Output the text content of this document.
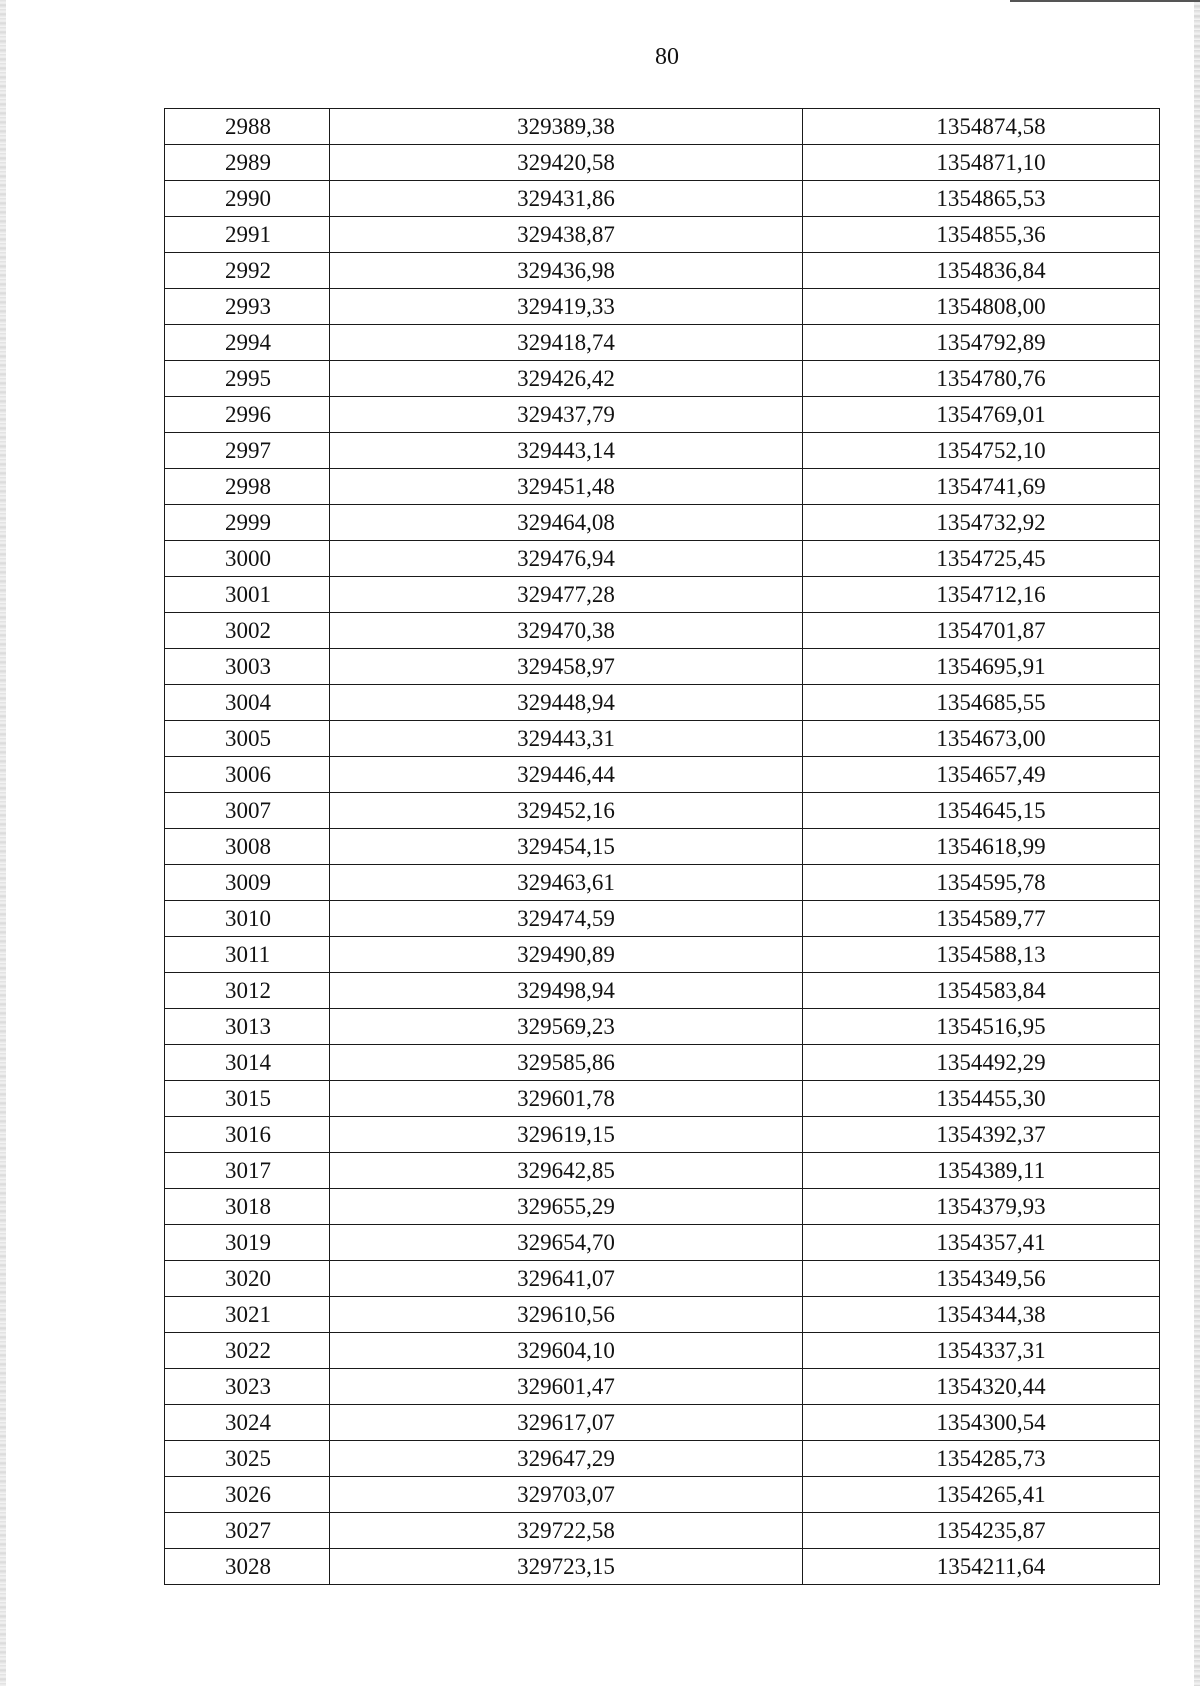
80
2988	329389,38	1354874,58
2989	329420,58	1354871,10
2990	329431,86	1354865,53
2991	329438,87	1354855,36
2992	329436,98	1354836,84
2993	329419,33	1354808,00
2994	329418,74	1354792,89
2995	329426,42	1354780,76
2996	329437,79	1354769,01
2997	329443,14	1354752,10
2998	329451,48	1354741,69
2999	329464,08	1354732,92
3000	329476,94	1354725,45
3001	329477,28	1354712,16
3002	329470,38	1354701,87
3003	329458,97	1354695,91
3004	329448,94	1354685,55
3005	329443,31	1354673,00
3006	329446,44	1354657,49
3007	329452,16	1354645,15
3008	329454,15	1354618,99
3009	329463,61	1354595,78
3010	329474,59	1354589,77
3011	329490,89	1354588,13
3012	329498,94	1354583,84
3013	329569,23	1354516,95
3014	329585,86	1354492,29
3015	329601,78	1354455,30
3016	329619,15	1354392,37
3017	329642,85	1354389,11
3018	329655,29	1354379,93
3019	329654,70	1354357,41
3020	329641,07	1354349,56
3021	329610,56	1354344,38
3022	329604,10	1354337,31
3023	329601,47	1354320,44
3024	329617,07	1354300,54
3025	329647,29	1354285,73
3026	329703,07	1354265,41
3027	329722,58	1354235,87
3028	329723,15	1354211,64
